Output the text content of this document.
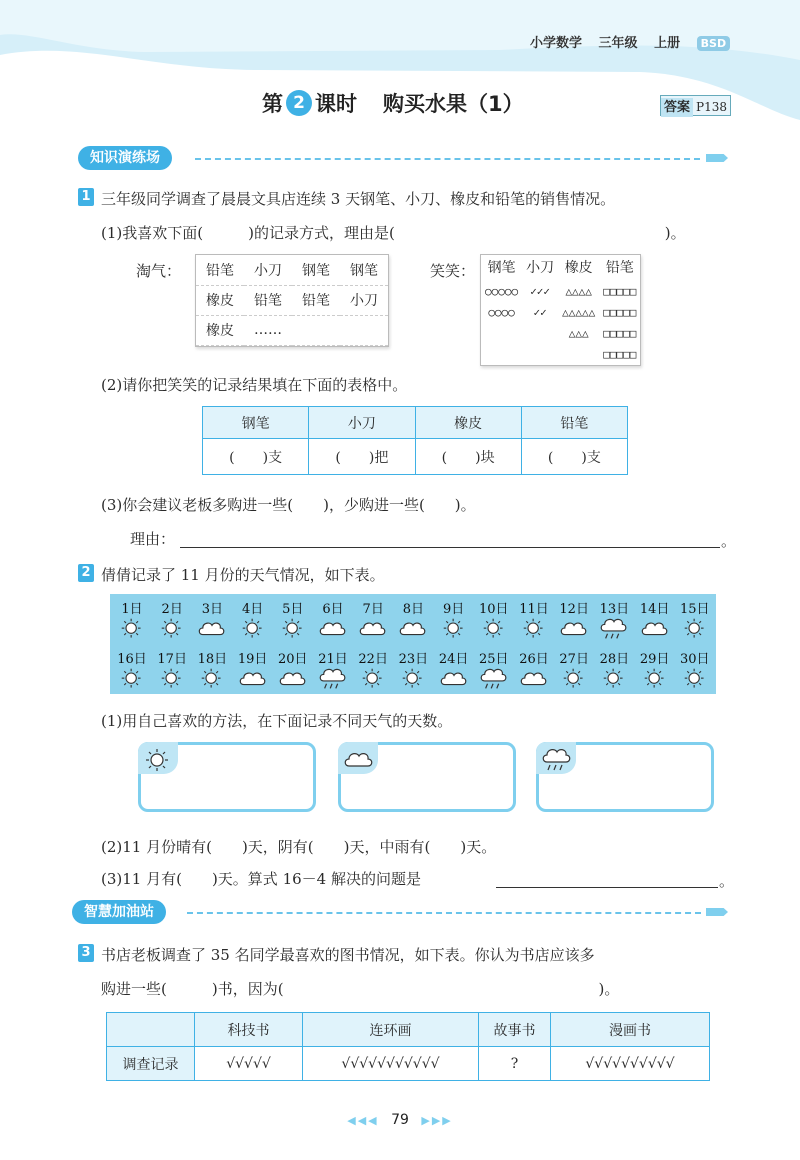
小学数学 三年级 上册 BSD
第 2 课时 购买水果（1）	答案 P138
知识演练场
1 三年级同学调查了晨晨文具店连续 3 天钢笔、小刀、橡皮和铅笔的销售情况。
(1)我喜欢下面(　　　)的记录方式，理由是(　　　　　　　　　　　　　　　　　　)。
淘气： 铅笔	小刀	钢笔	钢笔
橡皮	铅笔	铅笔	小刀
橡皮	……		
笑笑： 钢笔	小刀	橡皮	铅笔
○○○○○	✓✓✓	△△△△	□□□□□
○○○○	✓✓	△△△△△	□□□□□
		△△△	□□□□□
			□□□□□
(2)请你把笑笑的记录结果填在下面的表格中。
钢笔	小刀	橡皮	铅笔
(　　)支	(　　)把	(　　)块	(　　)支
(3)你会建议老板多购进一些(　　)，少购进一些(　　)。
理由：	。
2 倩倩记录了 11 月份的天气情况，如下表。
1日	2日	3日	4日	5日	6日	7日	8日	9日	10日 11日 12日 13日 14日 15日
16日 17日 18日 19日 20日 21日 22日 23日 24日 25日 26日 27日 28日 29日 30日
(1)用自己喜欢的方法，在下面记录不同天气的天数。
(2)11 月份晴有(　　)天，阴有(　　)天，中雨有(　　)天。
(3)11 月有(　　)天。算式 16－4 解决的问题是	。
智慧加油站
3 书店老板调查了 35 名同学最喜欢的图书情况，如下表。你认为书店应该多
购进一些(　　　)书，因为(　　　　　　　　　　　　　　　　　　　　　)。
	科技书	连环画	故事书	漫画书
调查记录	√√√√√	√√√√√√√√√√√	?	√√√√√√√√√√
◀◀◀ 79 ▶▶▶
